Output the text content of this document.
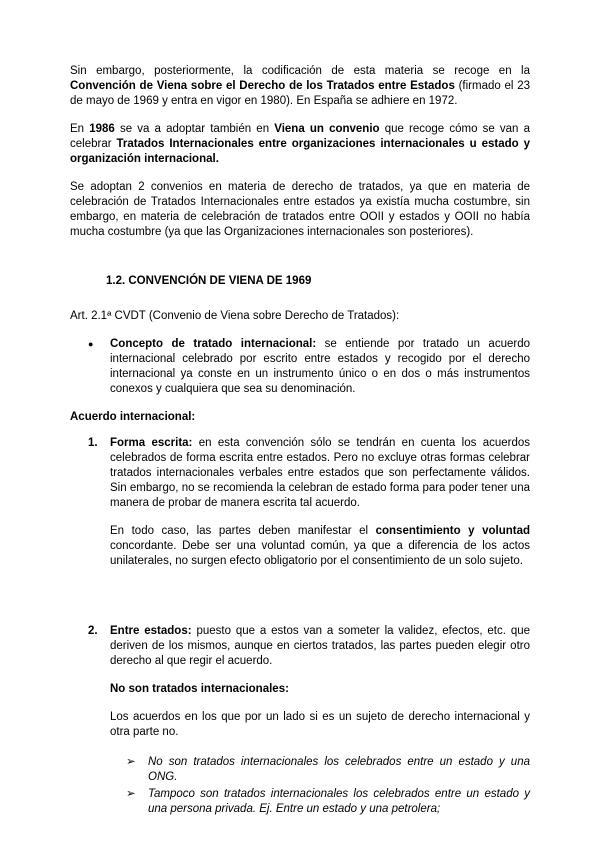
Sin embargo, posteriormente, la codificación de esta materia se recoge en la Convención de Viena sobre el Derecho de los Tratados entre Estados (firmado el 23 de mayo de 1969 y entra en vigor en 1980). En España se adhiere en 1972.

En 1986 se va a adoptar también en Viena un convenio que recoge cómo se van a celebrar Tratados Internacionales entre organizaciones internacionales u estado y organización internacional.

Se adoptan 2 convenios en materia de derecho de tratados, ya que en materia de celebración de Tratados Internacionales entre estados ya existía mucha costumbre, sin embargo, en materia de celebración de tratados entre OOII y estados y OOII no había mucha costumbre (ya que las Organizaciones internacionales son posteriores).

1.2. CONVENCIÓN DE VIENA DE 1969

Art. 2.1ª CVDT (Convenio de Viena sobre Derecho de Tratados):

●	Concepto de tratado internacional: se entiende por tratado un acuerdo internacional celebrado por escrito entre estados y recogido por el derecho internacional ya conste en un instrumento único o en dos o más instrumentos conexos y cualquiera que sea su denominación.

Acuerdo internacional:

1.	Forma escrita: en esta convención sólo se tendrán en cuenta los acuerdos celebrados de forma escrita entre estados. Pero no excluye otras formas celebrar tratados internacionales verbales entre estados que son perfectamente válidos. Sin embargo, no se recomienda la celebran de estado forma para poder tener una manera de probar de manera escrita tal acuerdo.

En todo caso, las partes deben manifestar el consentimiento y voluntad concordante. Debe ser una voluntad común, ya que a diferencia de los actos unilaterales, no surgen efecto obligatorio por el consentimiento de un solo sujeto.

2.	Entre estados: puesto que a estos van a someter la validez, efectos, etc. que deriven de los mismos, aunque en ciertos tratados, las partes pueden elegir otro derecho al que regir el acuerdo.

No son tratados internacionales:

Los acuerdos en los que por un lado si es un sujeto de derecho internacional y otra parte no.

➢	No son tratados internacionales los celebrados entre un estado y una ONG.
➢	Tampoco son tratados internacionales los celebrados entre un estado y una persona privada. Ej. Entre un estado y una petrolera;
